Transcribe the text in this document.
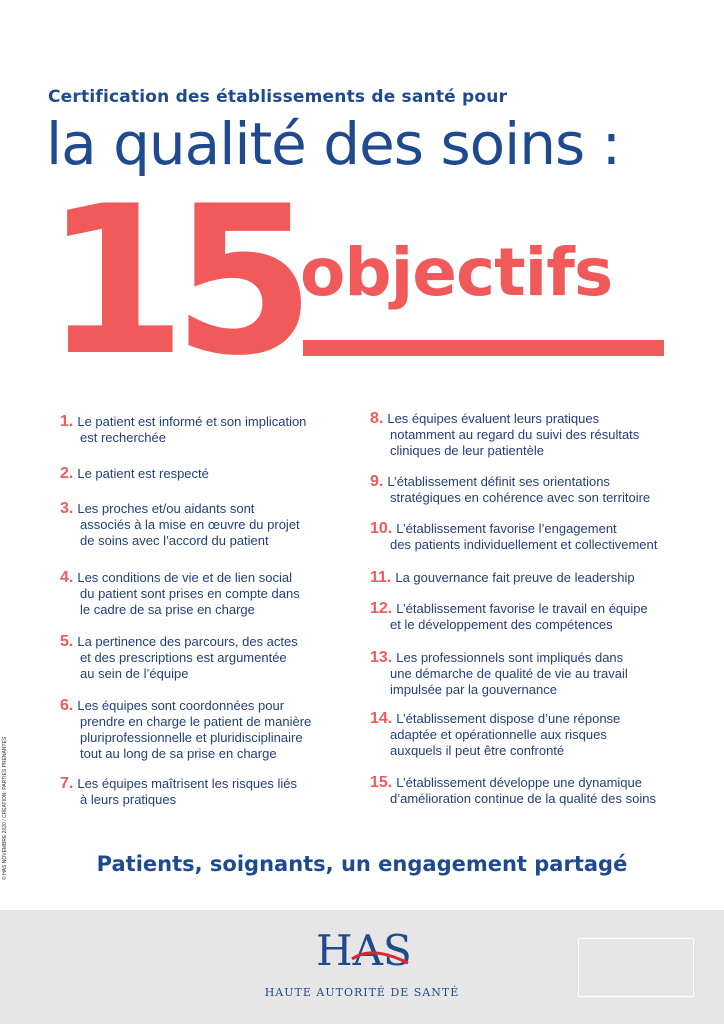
Certification des établissements de santé pour
la qualité des soins :
15
objectifs
1. Le patient est informé et son implication
est recherchée
2. Le patient est respecté
3. Les proches et/ou aidants sont
associés à la mise en œuvre du projet
de soins avec l’accord du patient
4. Les conditions de vie et de lien social
du patient sont prises en compte dans
le cadre de sa prise en charge
5. La pertinence des parcours, des actes
et des prescriptions est argumentée
au sein de l’équipe
6. Les équipes sont coordonnées pour
prendre en charge le patient de manière
pluriprofessionnelle et pluridisciplinaire
tout au long de sa prise en charge
7. Les équipes maîtrisent les risques liés
à leurs pratiques
8. Les équipes évaluent leurs pratiques
notamment au regard du suivi des résultats
cliniques de leur patientèle
9. L’établissement définit ses orientations
stratégiques en cohérence avec son territoire
10. L’établissement favorise l’engagement
des patients individuellement et collectivement
11. La gouvernance fait preuve de leadership
12. L’établissement favorise le travail en équipe
et le développement des compétences
13. Les professionnels sont impliqués dans
une démarche de qualité de vie au travail
impulsée par la gouvernance
14. L’établissement dispose d’une réponse
adaptée et opérationnelle aux risques
auxquels il peut être confronté
15. L’établissement développe une dynamique
d’amélioration continue de la qualité des soins
Patients, soignants, un engagement partagé
© HAS NOVEMBRE 2020 / CRÉATION: PARTIES PRENANTES
HAS
HAUTE AUTORITÉ DE SANTÉ
